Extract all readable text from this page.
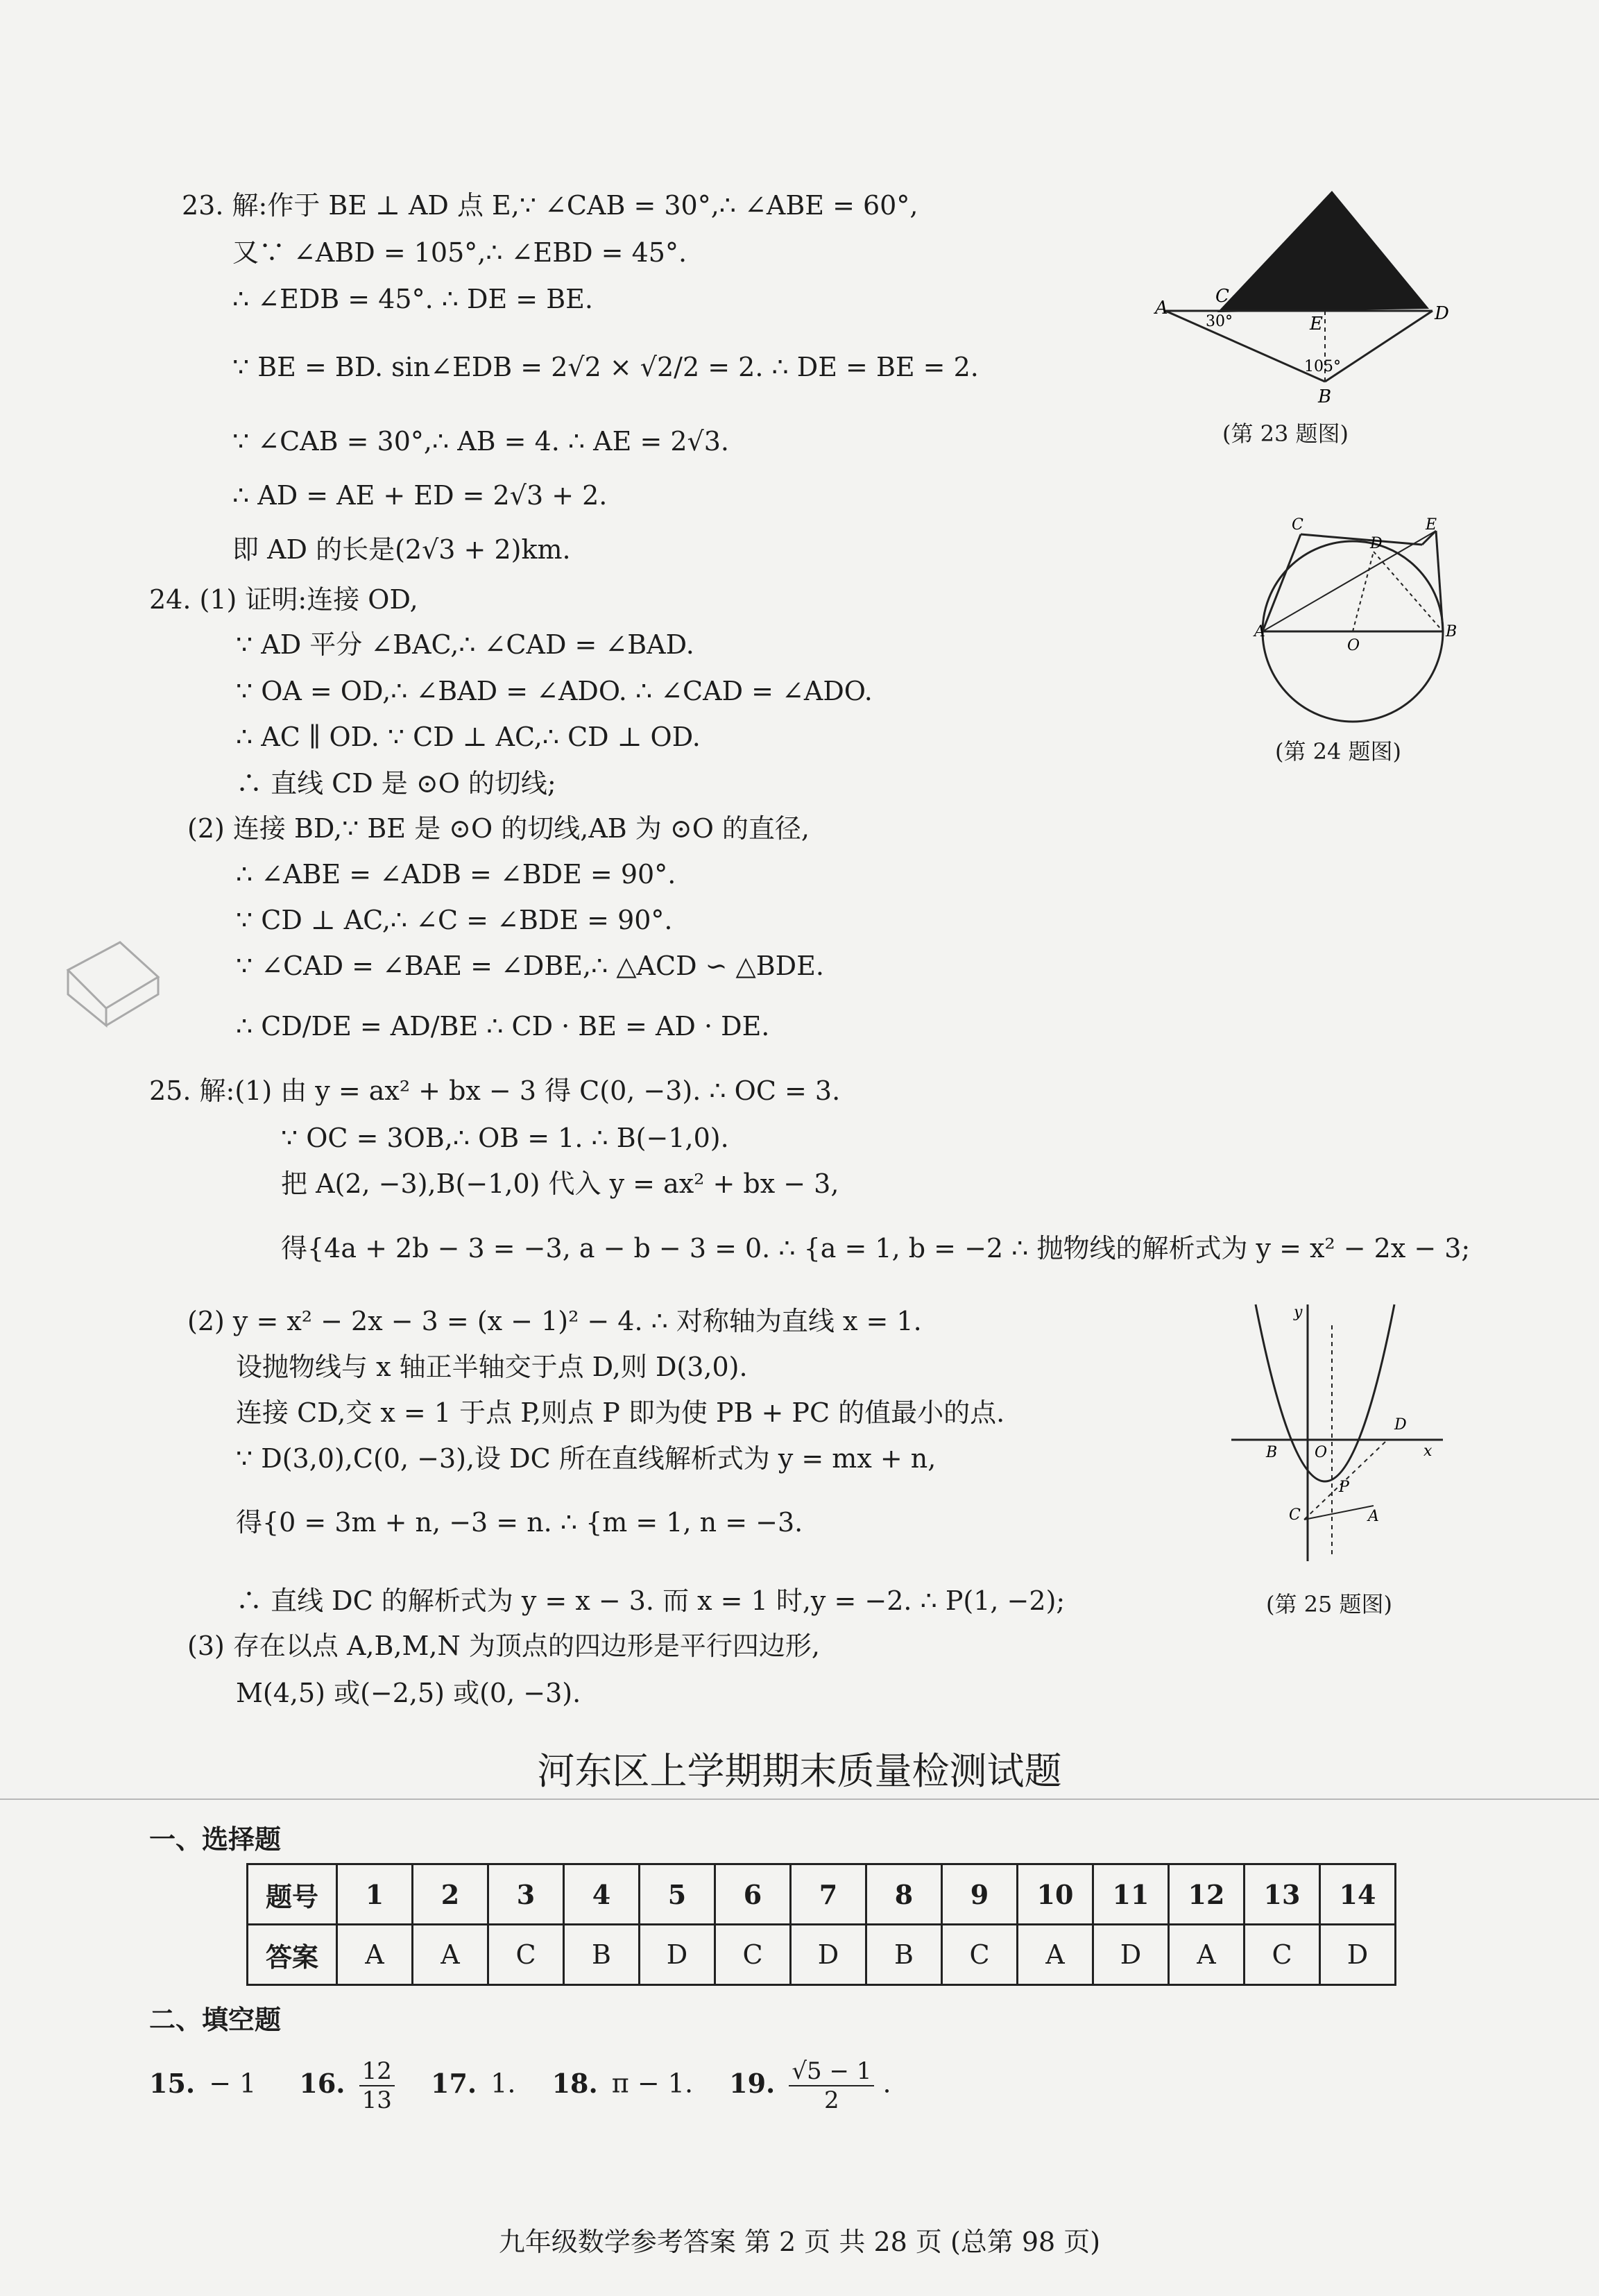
23. 解:作于 BE ⊥ AD 点 E,∵ ∠CAB = 30°,∴ ∠ABE = 60°,
又∵ ∠ABD = 105°,∴ ∠EBD = 45°.
∴ ∠EDB = 45°. ∴ DE = BE.
∵ BE = BD. sin∠EDB = 2√2 × √2/2 = 2. ∴ DE = BE = 2.
∵ ∠CAB = 30°,∴ AB = 4. ∴ AE = 2√3.
∴ AD = AE + ED = 2√3 + 2.
即 AD 的长是(2√3 + 2)km.
24. (1) 证明:连接 OD,
∵ AD 平分 ∠BAC,∴ ∠CAD = ∠BAD.
∵ OA = OD,∴ ∠BAD = ∠ADO. ∴ ∠CAD = ∠ADO.
∴ AC ∥ OD. ∵ CD ⊥ AC,∴ CD ⊥ OD.
∴ 直线 CD 是 ⊙O 的切线;
(2) 连接 BD,∵ BE 是 ⊙O 的切线,AB 为 ⊙O 的直径,
∴ ∠ABE = ∠ADB = ∠BDE = 90°.
∵ CD ⊥ AC,∴ ∠C = ∠BDE = 90°.
∵ ∠CAD = ∠BAE = ∠DBE,∴ △ACD ∽ △BDE.
∴ CD/DE = AD/BE ∴ CD · BE = AD · DE.
25. 解:(1) 由 y = ax² + bx − 3 得 C(0, −3). ∴ OC = 3.
∵ OC = 3OB,∴ OB = 1. ∴ B(−1,0).
把 A(2, −3),B(−1,0) 代入 y = ax² + bx − 3,
得{4a + 2b − 3 = −3, a − b − 3 = 0. ∴ {a = 1, b = −2 ∴ 抛物线的解析式为 y = x² − 2x − 3;
(2) y = x² − 2x − 3 = (x − 1)² − 4. ∴ 对称轴为直线 x = 1.
设抛物线与 x 轴正半轴交于点 D,则 D(3,0).
连接 CD,交 x = 1 于点 P,则点 P 即为使 PB + PC 的值最小的点.
∵ D(3,0),C(0, −3),设 DC 所在直线解析式为 y = mx + n,
得{0 = 3m + n, −3 = n. ∴ {m = 1, n = −3.
∴ 直线 DC 的解析式为 y = x − 3. 而 x = 1 时,y = −2. ∴ P(1, −2);
(3) 存在以点 A,B,M,N 为顶点的四边形是平行四边形,
M(4,5) 或(−2,5) 或(0, −3).
A
C
30°	E	D
105°
B
(第 23 题图)
C
D
E
A
O
B
(第 24 题图)
y
x
O
B
D
C
P
A
(第 25 题图)
河东区上学期期末质量检测试题
一、选择题
题号	1	2	3	4	5	6	7	8	9	10	11	12	13	14
答案	A	A	C	B	D	C	D	B	C	A	D	A	C	D
二、填空题
15. − 1 16. $\frac{12}{13} 17$. 1. 18. π − 1. 19. $\frac{√5 - 1}{2}$ .
九年级数学参考答案 第 2 页 共 28 页 (总第 98 页)
